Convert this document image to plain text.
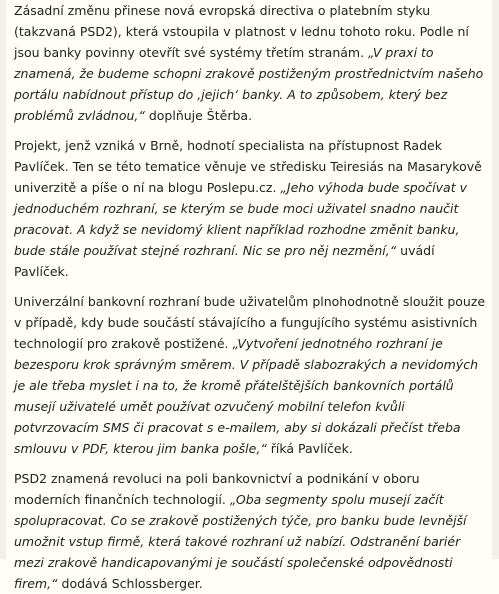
Zásadní změnu přinese nová evropská directiva o platebním styku (takzvaná PSD2), která vstoupila v platnost v lednu tohoto roku. Podle ní jsou banky povinny otevřít své systémy třetím stranám. „V praxi to znamená, že budeme schopni zrakově postiženým prostřednictvím našeho portálu nabídnout přístup do ‚jejich‘ banky. A to způsobem, který bez problémů zvládnou,“ doplňuje Štěrba.

Projekt, jenž vzniká v Brně, hodnotí specialista na přístupnost Radek Pavlíček. Ten se této tematice věnuje ve středisku Teiresiás na Masarykově univerzitě a píše o ní na blogu Poslepu.cz. „Jeho výhoda bude spočívat v jednoduchém rozhraní, se kterým se bude moci uživatel snadno naučit pracovat. A když se nevidomý klient například rozhodne změnit banku, bude stále používat stejné rozhraní. Nic se pro něj nezmění,“ uvádí Pavlíček.

Univerzální bankovní rozhraní bude uživatelům plnohodnotně sloužit pouze v případě, kdy bude součástí stávajícího a fungujícího systému asistivních technologií pro zrakově postižené. „Vytvoření jednotného rozhraní je bezesporu krok správným směrem. V případě slabozrakých a nevidomých je ale třeba myslet i na to, že kromě přátelštějších bankovních portálů musejí uživatelé umět používat ozvučený mobilní telefon kvůli potvrzovacím SMS či pracovat s e-mailem, aby si dokázali přečíst třeba smlouvu v PDF, kterou jim banka pošle,“ říká Pavlíček.

PSD2 znamená revoluci na poli bankovnictví a podnikání v oboru moderních finančních technologií. „Oba segmenty spolu musejí začít spolupracovat. Co se zrakově postižených týče, pro banku bude levnější umožnit vstup firmě, která takové rozhraní už nabízí. Odstranění bariér mezi zrakově handicapovanými je součástí společenské odpovědnosti firem,“ dodává Schlossberger.
